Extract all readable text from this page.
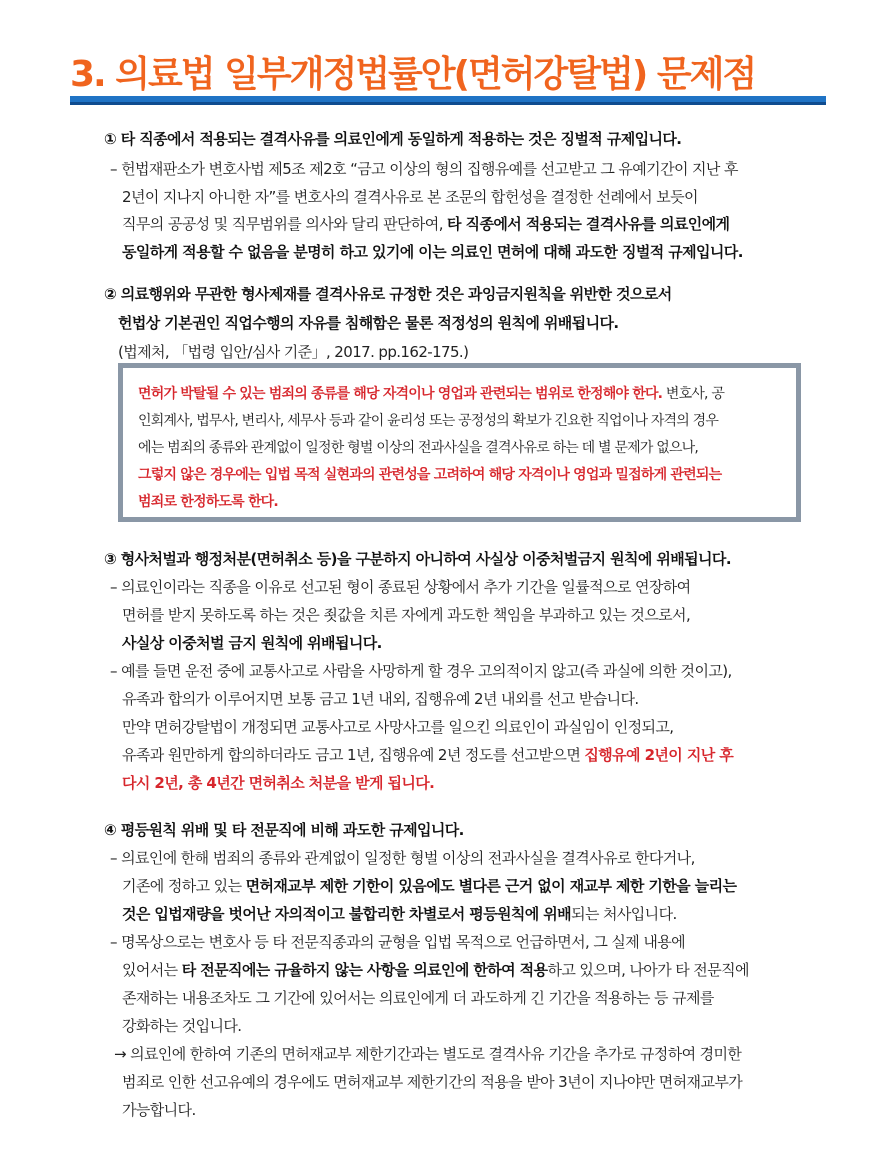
3. 의료법 일부개정법률안(면허강탈법) 문제점
① 타 직종에서 적용되는 결격사유를 의료인에게 동일하게 적용하는 것은 징벌적 규제입니다.
– 헌법재판소가 변호사법 제5조 제2호 “금고 이상의 형의 집행유예를 선고받고 그 유예기간이 지난 후
2년이 지나지 아니한 자”를 변호사의 결격사유로 본 조문의 합헌성을 결정한 선례에서 보듯이
직무의 공공성 및 직무범위를 의사와 달리 판단하여, 타 직종에서 적용되는 결격사유를 의료인에게
동일하게 적용할 수 없음을 분명히 하고 있기에 이는 의료인 면허에 대해 과도한 징벌적 규제입니다.
② 의료행위와 무관한 형사제재를 결격사유로 규정한 것은 과잉금지원칙을 위반한 것으로서
헌법상 기본권인 직업수행의 자유를 침해함은 물론 적정성의 원칙에 위배됩니다.
(법제처, 「법령 입안/심사 기준」, 2017. pp.162-175.)
면허가 박탈될 수 있는 범죄의 종류를 해당 자격이나 영업과 관련되는 범위로 한정해야 한다. 변호사, 공
인회계사, 법무사, 변리사, 세무사 등과 같이 윤리성 또는 공정성의 확보가 긴요한 직업이나 자격의 경우
에는 범죄의 종류와 관계없이 일정한 형벌 이상의 전과사실을 결격사유로 하는 데 별 문제가 없으나,
그렇지 않은 경우에는 입법 목적 실현과의 관련성을 고려하여 해당 자격이나 영업과 밀접하게 관련되는
범죄로 한정하도록 한다.
③ 형사처벌과 행정처분(면허취소 등)을 구분하지 아니하여 사실상 이중처벌금지 원칙에 위배됩니다.
– 의료인이라는 직종을 이유로 선고된 형이 종료된 상황에서 추가 기간을 일률적으로 연장하여
면허를 받지 못하도록 하는 것은 죗값을 치른 자에게 과도한 책임을 부과하고 있는 것으로서,
사실상 이중처벌 금지 원칙에 위배됩니다.
– 예를 들면 운전 중에 교통사고로 사람을 사망하게 할 경우 고의적이지 않고(즉 과실에 의한 것이고),
유족과 합의가 이루어지면 보통 금고 1년 내외, 집행유예 2년 내외를 선고 받습니다.
만약 면허강탈법이 개정되면 교통사고로 사망사고를 일으킨 의료인이 과실임이 인정되고,
유족과 원만하게 합의하더라도 금고 1년, 집행유예 2년 정도를 선고받으면 집행유예 2년이 지난 후
다시 2년, 총 4년간 면허취소 처분을 받게 됩니다.
④ 평등원칙 위배 및 타 전문직에 비해 과도한 규제입니다.
– 의료인에 한해 범죄의 종류와 관계없이 일정한 형벌 이상의 전과사실을 결격사유로 한다거나,
기존에 정하고 있는 면허재교부 제한 기한이 있음에도 별다른 근거 없이 재교부 제한 기한을 늘리는
것은 입법재량을 벗어난 자의적이고 불합리한 차별로서 평등원칙에 위배되는 처사입니다.
– 명목상으로는 변호사 등 타 전문직종과의 균형을 입법 목적으로 언급하면서, 그 실제 내용에
있어서는 타 전문직에는 규율하지 않는 사항을 의료인에 한하여 적용하고 있으며, 나아가 타 전문직에
존재하는 내용조차도 그 기간에 있어서는 의료인에게 더 과도하게 긴 기간을 적용하는 등 규제를
강화하는 것입니다.
→ 의료인에 한하여 기존의 면허재교부 제한기간과는 별도로 결격사유 기간을 추가로 규정하여 경미한
범죄로 인한 선고유예의 경우에도 면허재교부 제한기간의 적용을 받아 3년이 지나야만 면허재교부가
가능합니다.
